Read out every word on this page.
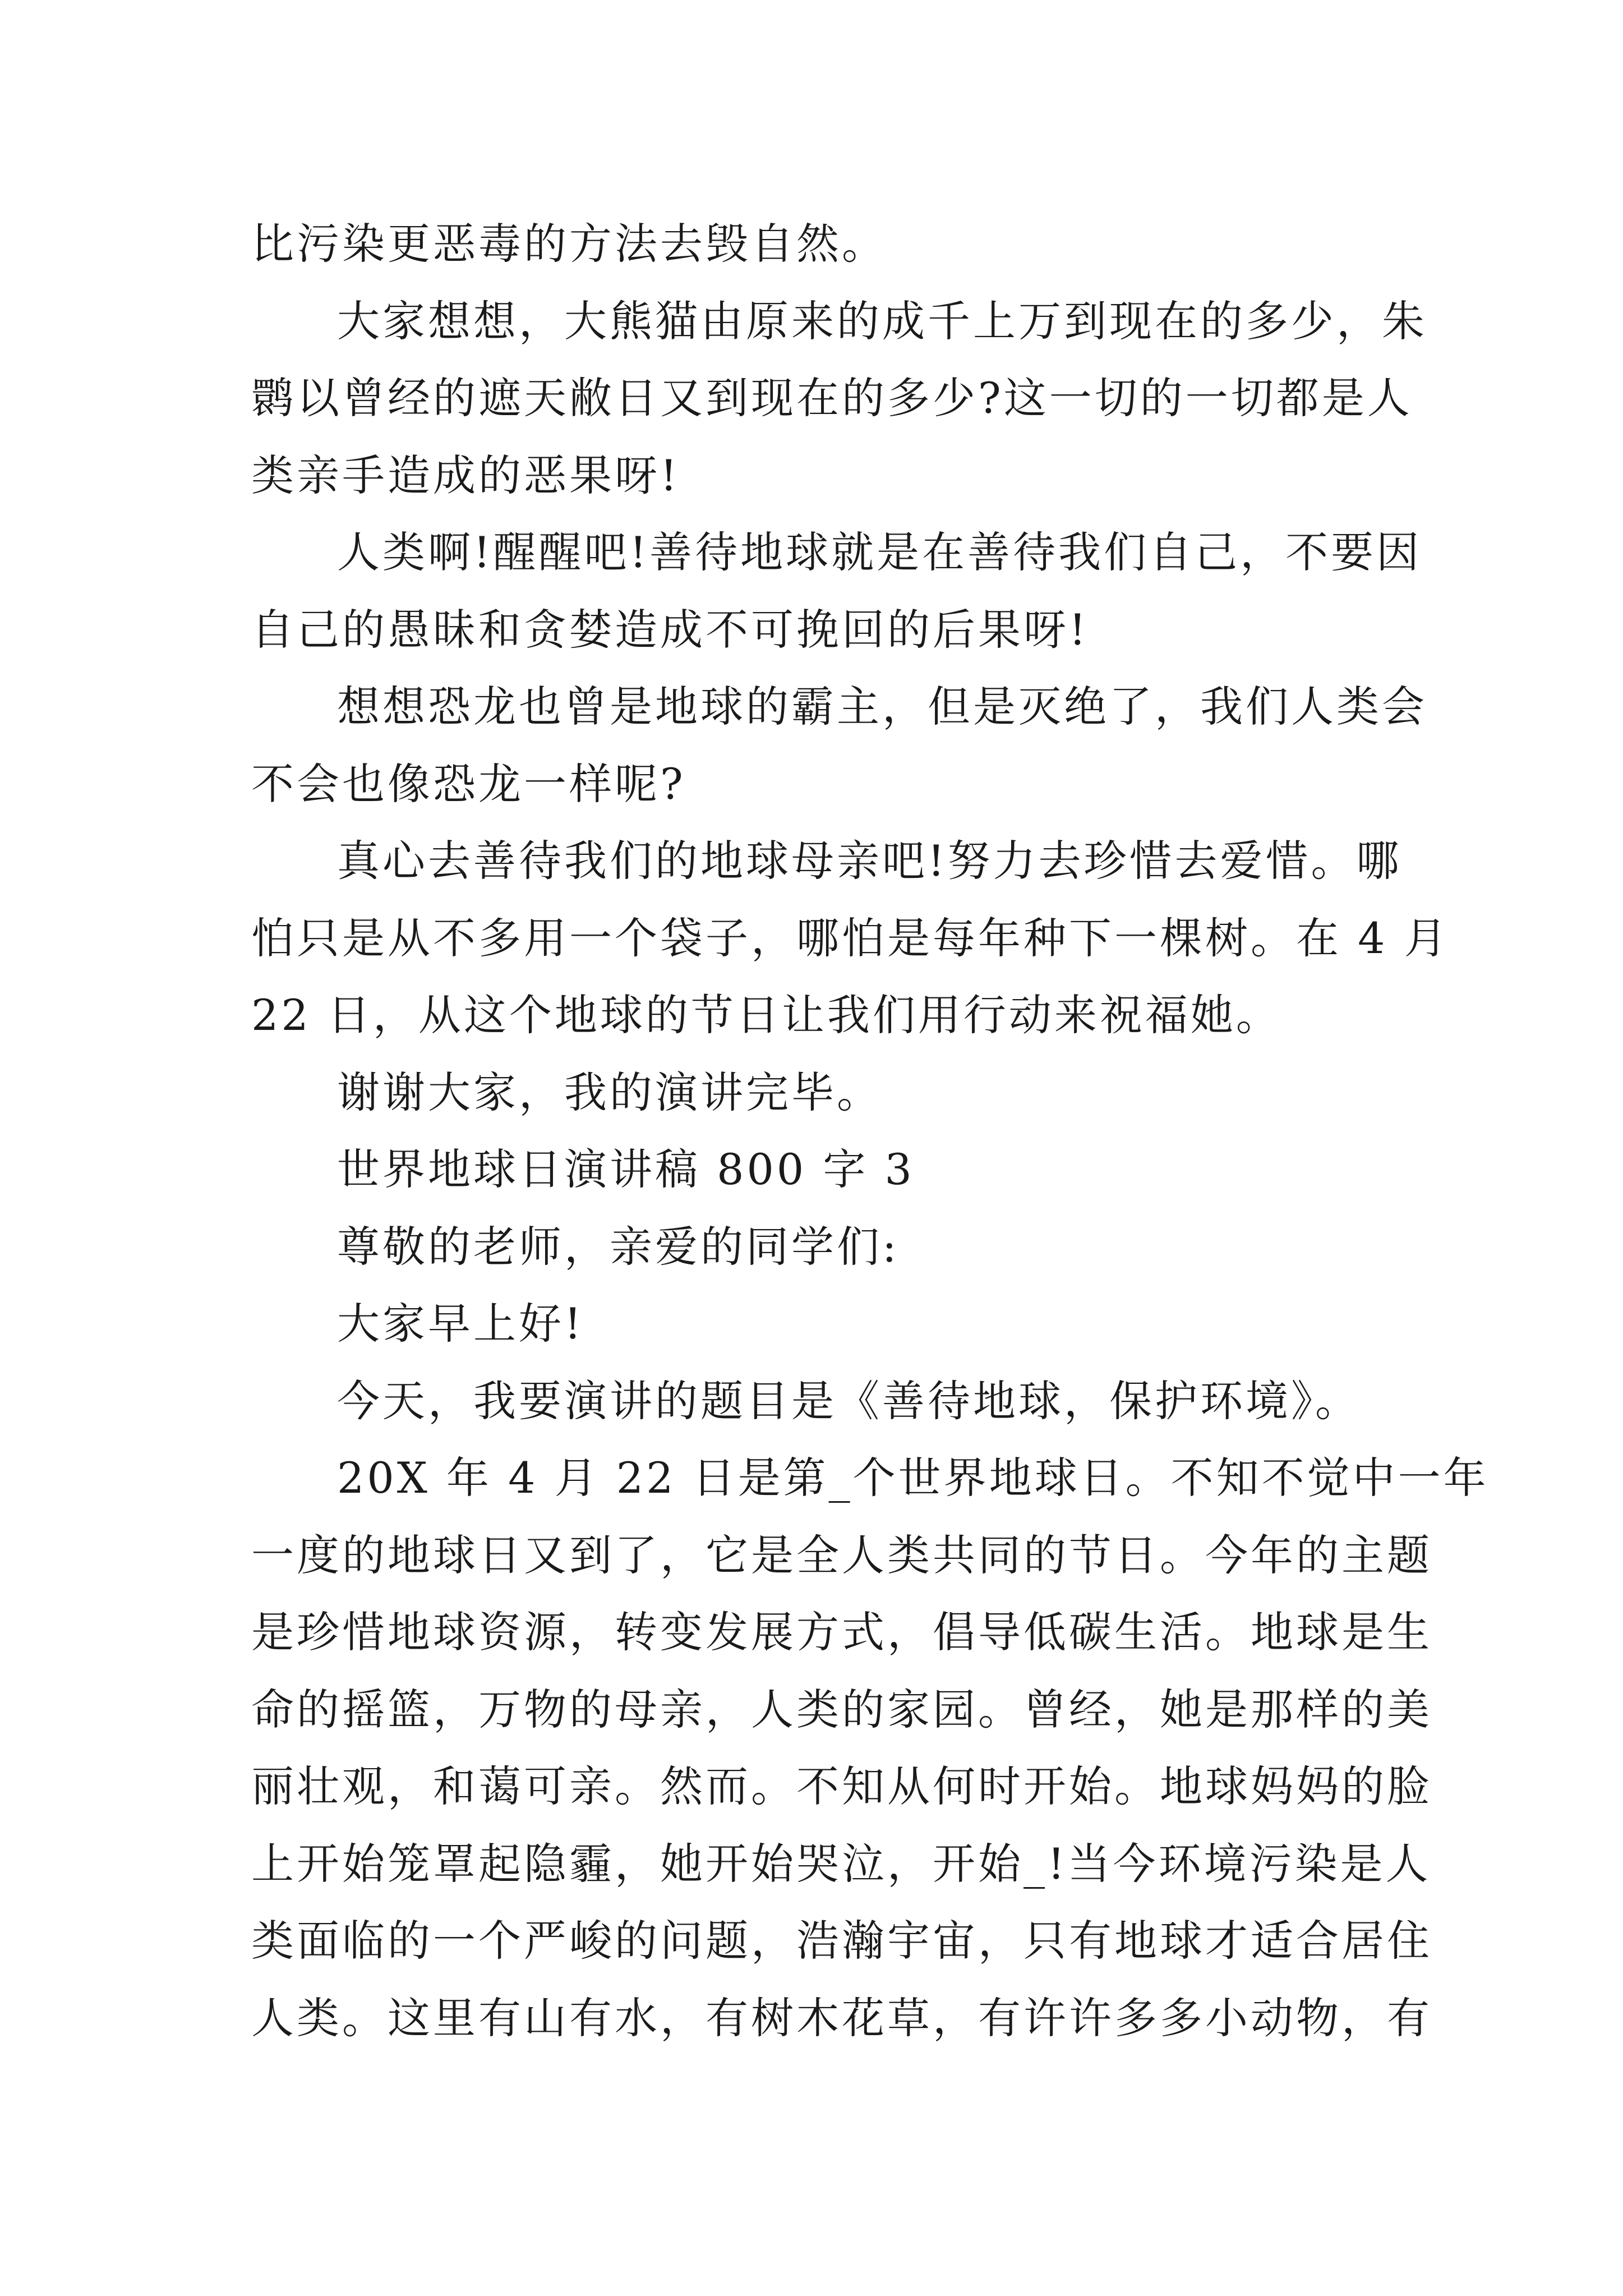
比污染更恶毒的方法去毁自然。
大家想想，大熊猫由原来的成千上万到现在的多少，朱
鹮以曾经的遮天敝日又到现在的多少?这一切的一切都是人
类亲手造成的恶果呀!
人类啊!醒醒吧!善待地球就是在善待我们自己，不要因
自己的愚昧和贪婪造成不可挽回的后果呀!
想想恐龙也曾是地球的霸主，但是灭绝了，我们人类会
不会也像恐龙一样呢?
真心去善待我们的地球母亲吧!努力去珍惜去爱惜。哪
怕只是从不多用一个袋子，哪怕是每年种下一棵树。在 4 月
22 日，从这个地球的节日让我们用行动来祝福她。
谢谢大家，我的演讲完毕。
世界地球日演讲稿 800 字 3
尊敬的老师，亲爱的同学们:
大家早上好!
今天，我要演讲的题目是《善待地球，保护环境》。
20X 年 4 月 22 日是第_个世界地球日。不知不觉中一年
一度的地球日又到了，它是全人类共同的节日。今年的主题
是珍惜地球资源，转变发展方式，倡导低碳生活。地球是生
命的摇篮，万物的母亲，人类的家园。曾经，她是那样的美
丽壮观，和蔼可亲。然而。不知从何时开始。地球妈妈的脸
上开始笼罩起隐霾，她开始哭泣，开始_!当今环境污染是人
类面临的一个严峻的问题，浩瀚宇宙，只有地球才适合居住
人类。这里有山有水，有树木花草，有许许多多小动物，有
